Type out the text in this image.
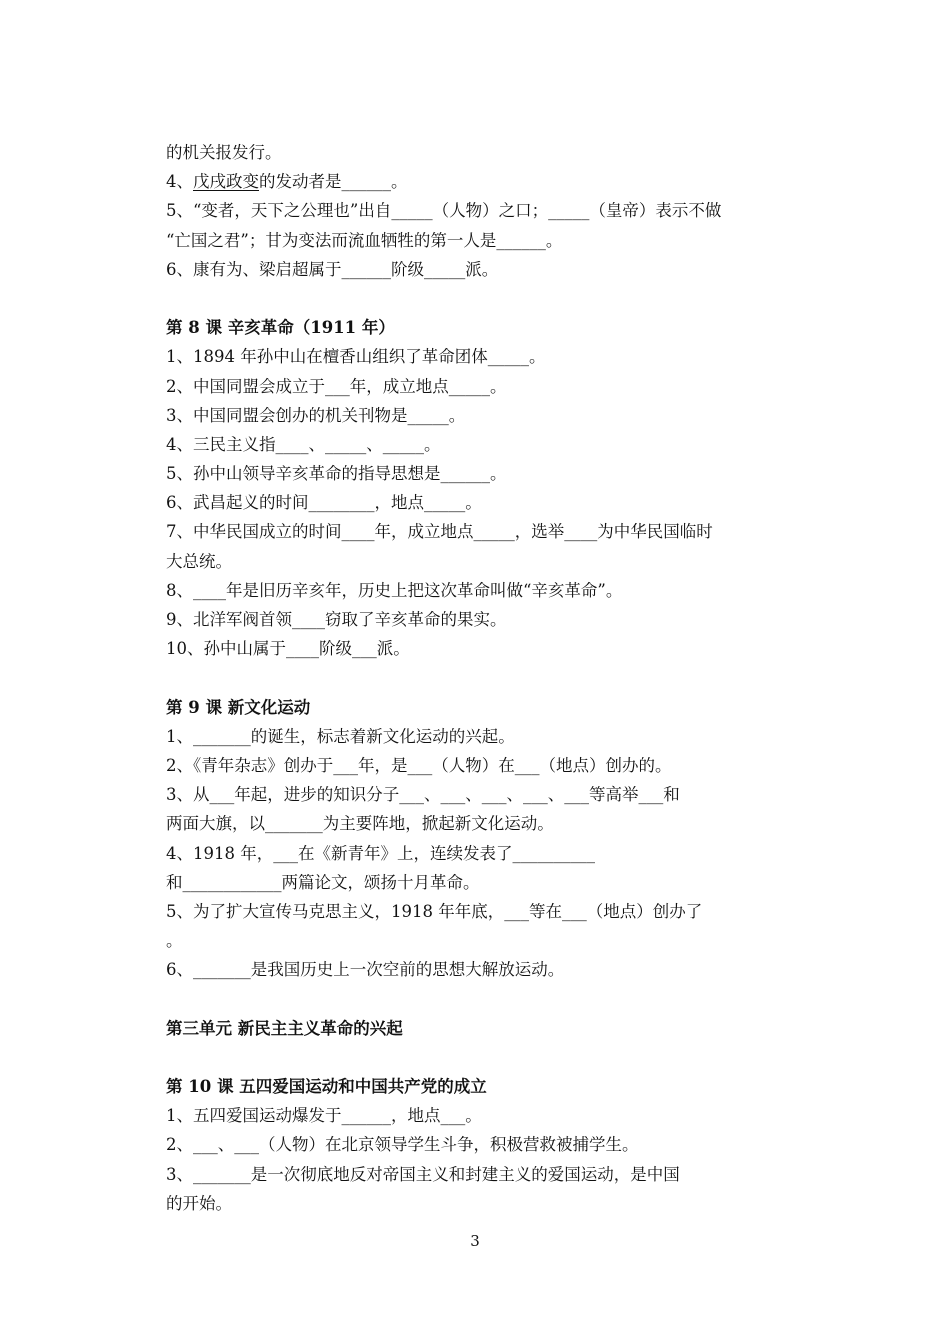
的机关报发行。
4、戊戌政变的发动者是______。
5、“变者，天下之公理也”出自_____（人物）之口；_____（皇帝）表示不做
“亡国之君”；甘为变法而流血牺牲的第一人是______。
6、康有为、梁启超属于______阶级_____派。
第 8 课 辛亥革命（1911 年）
1、1894 年孙中山在檀香山组织了革命团体_____。
2、中国同盟会成立于___年，成立地点_____。
3、中国同盟会创办的机关刊物是_____。
4、三民主义指____、_____、_____。
5、孙中山领导辛亥革命的指导思想是______。
6、武昌起义的时间________，地点_____。
7、中华民国成立的时间____年，成立地点_____，选举____为中华民国临时
大总统。
8、____年是旧历辛亥年，历史上把这次革命叫做“辛亥革命”。
9、北洋军阀首领____窃取了辛亥革命的果实。
10、孙中山属于____阶级___派。
第 9 课 新文化运动
1、_______的诞生，标志着新文化运动的兴起。
2、《青年杂志》创办于___年，是___（人物）在___（地点）创办的。
3、从___年起，进步的知识分子___、___、___、___、___等高举___和
两面大旗，以_______为主要阵地，掀起新文化运动。
4、1918 年，___在《新青年》上，连续发表了__________
和____________两篇论文，颂扬十月革命。
5、为了扩大宣传马克思主义，1918 年年底，___等在___（地点）创办了
。
6、_______是我国历史上一次空前的思想大解放运动。
第三单元 新民主主义革命的兴起
第 10 课 五四爱国运动和中国共产党的成立
1、五四爱国运动爆发于______，地点___。
2、___、___（人物）在北京领导学生斗争，积极营救被捕学生。
3、_______是一次彻底地反对帝国主义和封建主义的爱国运动，是中国
的开始。
3
